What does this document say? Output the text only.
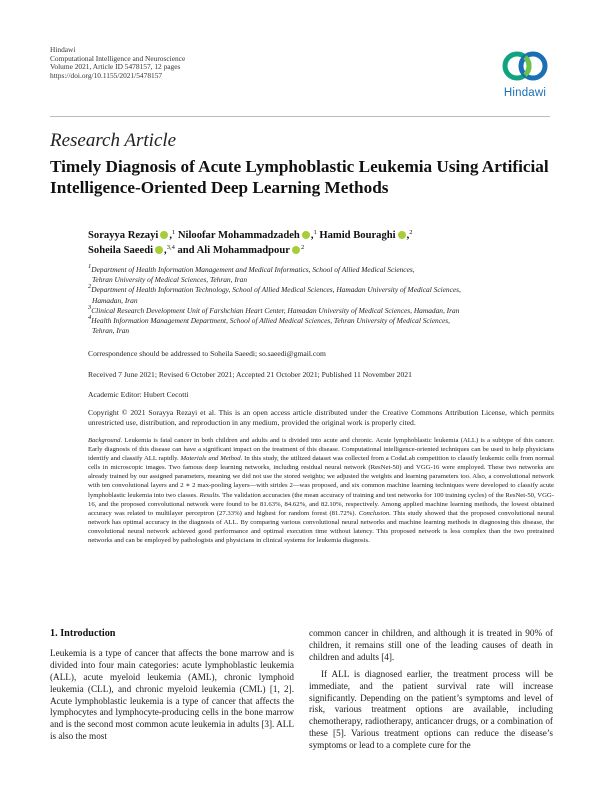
Hindawi
Computational Intelligence and Neuroscience
Volume 2021, Article ID 5478157, 12 pages
https://doi.org/10.1155/2021/5478157
Hindawi
Research Article
Timely Diagnosis of Acute Lymphoblastic Leukemia Using Artificial Intelligence-Oriented Deep Learning Methods
Sorayya Rezayi ,$^1$ Niloofar Mohammadzadeh ,$^1$ Hamid Bouraghi ,$^2$
Soheila Saeedi ,$^{3,4}$ and Ali Mohammadpour $^2$
$^1$Department of Health Information Management and Medical Informatics, School of Allied Medical Sciences,
Tehran University of Medical Sciences, Tehran, Iran
$^2$Department of Health Information Technology, School of Allied Medical Sciences, Hamadan University of Medical Sciences,
Hamadan, Iran
$^3$Clinical Research Development Unit of Farshchian Heart Center, Hamadan University of Medical Sciences, Hamadan, Iran
$^4$Health Information Management Department, School of Allied Medical Sciences, Tehran University of Medical Sciences,
Tehran, Iran
Correspondence should be addressed to Soheila Saeedi; so.saeedi@gmail.com
Received 7 June 2021; Revised 6 October 2021; Accepted 21 October 2021; Published 11 November 2021
Academic Editor: Hubert Cecotti
Copyright © 2021 Sorayya Rezayi et al. This is an open access article distributed under the Creative Commons Attribution License, which permits unrestricted use, distribution, and reproduction in any medium, provided the original work is properly cited.
Background. Leukemia is fatal cancer in both children and adults and is divided into acute and chronic. Acute lymphoblastic leukemia (ALL) is a subtype of this cancer. Early diagnosis of this disease can have a significant impact on the treatment of this disease. Computational intelligence-oriented techniques can be used to help physicians identify and classify ALL rapidly. Materials and Method. In this study, the utilized dataset was collected from a CodaLab competition to classify leukemic cells from normal cells in microscopic images. Two famous deep learning networks, including residual neural network (ResNet-50) and VGG-16 were employed. These two networks are already trained by our assigned parameters, meaning we did not use the stored weights; we adjusted the weights and learning parameters too. Also, a convolutional network with ten convolutional layers and 2 ∗ 2 max-pooling layers—with strides 2—was proposed, and six common machine learning techniques were developed to classify acute lymphoblastic leukemia into two classes. Results. The validation accuracies (the mean accuracy of training and test networks for 100 training cycles) of the ResNet-50, VGG-16, and the proposed convolutional network were found to be 81.63%, 84.62%, and 82.10%, respectively. Among applied machine learning methods, the lowest obtained accuracy was related to multilayer perceptron (27.33%) and highest for random forest (81.72%). Conclusion. This study showed that the proposed convolutional neural network has optimal accuracy in the diagnosis of ALL. By comparing various convolutional neural networks and machine learning methods in diagnosing this disease, the convolutional neural network achieved good performance and optimal execution time without latency. This proposed network is less complex than the two pretrained networks and can be employed by pathologists and physicians in clinical systems for leukemia diagnosis.
1. Introduction

Leukemia is a type of cancer that affects the bone marrow and is divided into four main categories: acute lymphoblastic leukemia (ALL), acute myeloid leukemia (AML), chronic lymphoid leukemia (CLL), and chronic myeloid leukemia (CML) [1, 2]. Acute lymphoblastic leukemia is a type of cancer that affects the lymphocytes and lymphocyte-producing cells in the bone marrow and is the second most common acute leukemia in adults [3]. ALL is also the most

common cancer in children, and although it is treated in 90% of children, it remains still one of the leading causes of death in children and adults [4].

If ALL is diagnosed earlier, the treatment process will be immediate, and the patient survival rate will increase significantly. Depending on the patient’s symptoms and level of risk, various treatment options are available, including chemotherapy, radiotherapy, anticancer drugs, or a combination of these [5]. Various treatment options can reduce the disease’s symptoms or lead to a complete cure for the
